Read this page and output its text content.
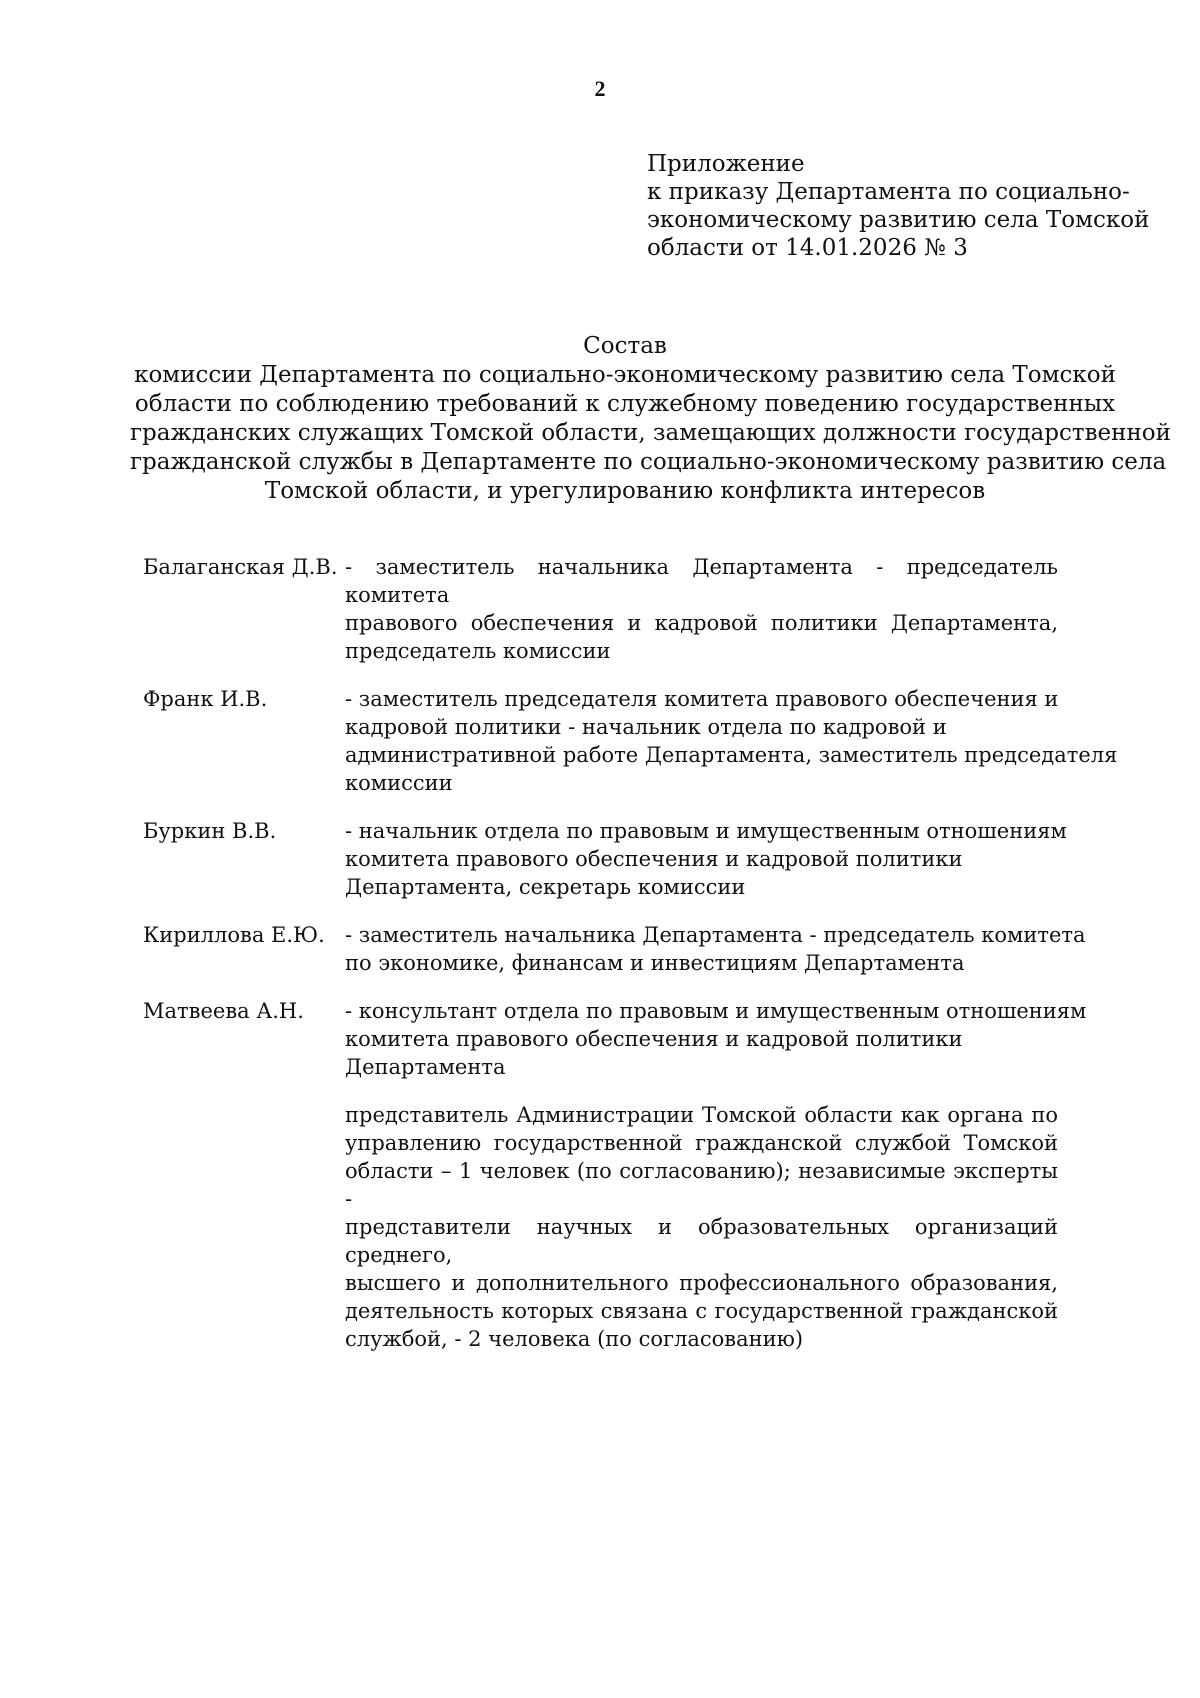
2
Приложение
к приказу Департамента по социально-
экономическому развитию села Томской
области от 14.01.2026 № 3
Состав
комиссии Департамента по социально-экономическому развитию села Томской
области по соблюдению требований к служебному поведению государственных
гражданских служащих Томской области, замещающих должности государственной
гражданской службы в Департаменте по социально-экономическому развитию села
Томской области, и урегулированию конфликта интересов
Балаганская Д.В. - заместитель начальника Департамента - председатель комитета
правового обеспечения и кадровой политики Департамента,
председатель комиссии
Франк И.В.	- заместитель председателя комитета правового обеспечения и
кадровой политики - начальник отдела по кадровой и
административной работе Департамента, заместитель председателя
комиссии
Буркин В.В.	- начальник отдела по правовым и имущественным отношениям
комитета правового обеспечения и кадровой политики
Департамента, секретарь комиссии
Кириллова Е.Ю. - заместитель начальника Департамента - председатель комитета
по экономике, финансам и инвестициям Департамента
Матвеева А.Н.	- консультант отдела по правовым и имущественным отношениям
комитета правового обеспечения и кадровой политики
Департамента
представитель Администрации Томской области как органа по
управлению государственной гражданской службой Томской
области – 1 человек (по согласованию); независимые эксперты -
представители научных и образовательных организаций среднего,
высшего и дополнительного профессионального образования,
деятельность которых связана с государственной гражданской
службой, - 2 человека (по согласованию)
